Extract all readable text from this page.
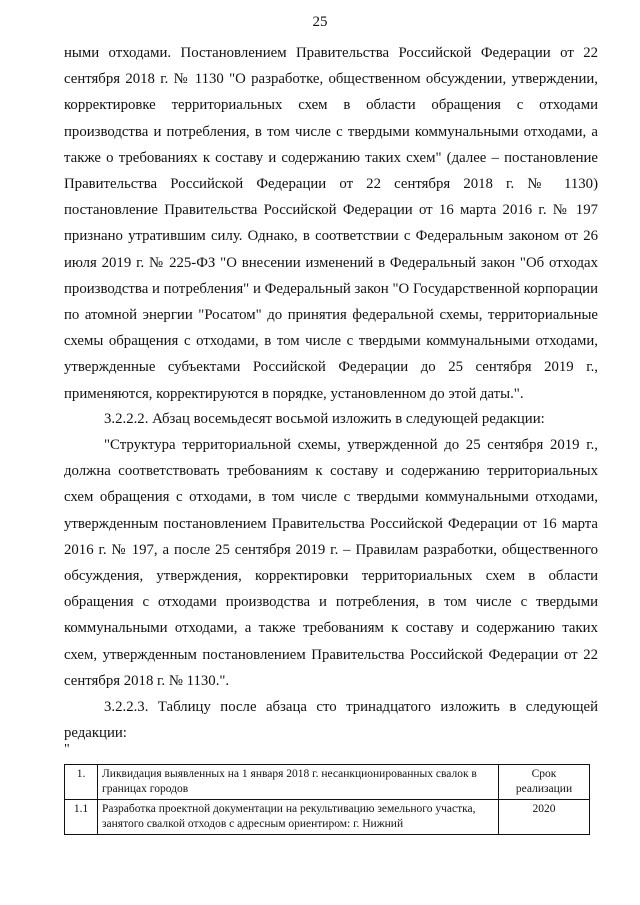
25

ными отходами. Постановлением Правительства Российской Федерации от 22 сентября 2018 г. № 1130 "О разработке, общественном обсуждении, утверждении, корректировке территориальных схем в области обращения с отходами производства и потребления, в том числе с твердыми коммунальными отходами, а также о требованиях к составу и содержанию таких схем" (далее – постановление Правительства Российской Федерации от 22 сентября 2018 г. № 1130) постановление Правительства Российской Федерации от 16 марта 2016 г. № 197 признано утратившим силу. Однако, в соответствии с Федеральным законом от 26 июля 2019 г. № 225-ФЗ "О внесении изменений в Федеральный закон "Об отходах производства и потребления" и Федеральный закон "О Государственной корпорации по атомной энергии "Росатом" до принятия федеральной схемы, территориальные схемы обращения с отходами, в том числе с твердыми коммунальными отходами, утвержденные субъектами Российской Федерации до 25 сентября 2019 г., применяются, корректируются в порядке, установленном до этой даты.".

3.2.2.2. Абзац восемьдесят восьмой изложить в следующей редакции:

"Структура территориальной схемы, утвержденной до 25 сентября 2019 г., должна соответствовать требованиям к составу и содержанию территориальных схем обращения с отходами, в том числе с твердыми коммунальными отходами, утвержденным постановлением Правительства Российской Федерации от 16 марта 2016 г. № 197, а после 25 сентября 2019 г. – Правилам разработки, общественного обсуждения, утверждения, корректировки территориальных схем в области обращения с отходами производства и потребления, в том числе с твердыми коммунальными отходами, а также требованиям к составу и содержанию таких схем, утвержденным постановлением Правительства Российской Федерации от 22 сентября 2018 г. № 1130.".

3.2.2.3. Таблицу после абзаца сто тринадцатого изложить в следующей редакции:

"
1.	Ликвидация выявленных на 1 января 2018 г. несанкционированных свалок в границах городов	Срок реализации
1.1	Разработка проектной документации на рекультивацию земельного участка, занятого свалкой отходов с адресным ориентиром: г. Нижний	2020
